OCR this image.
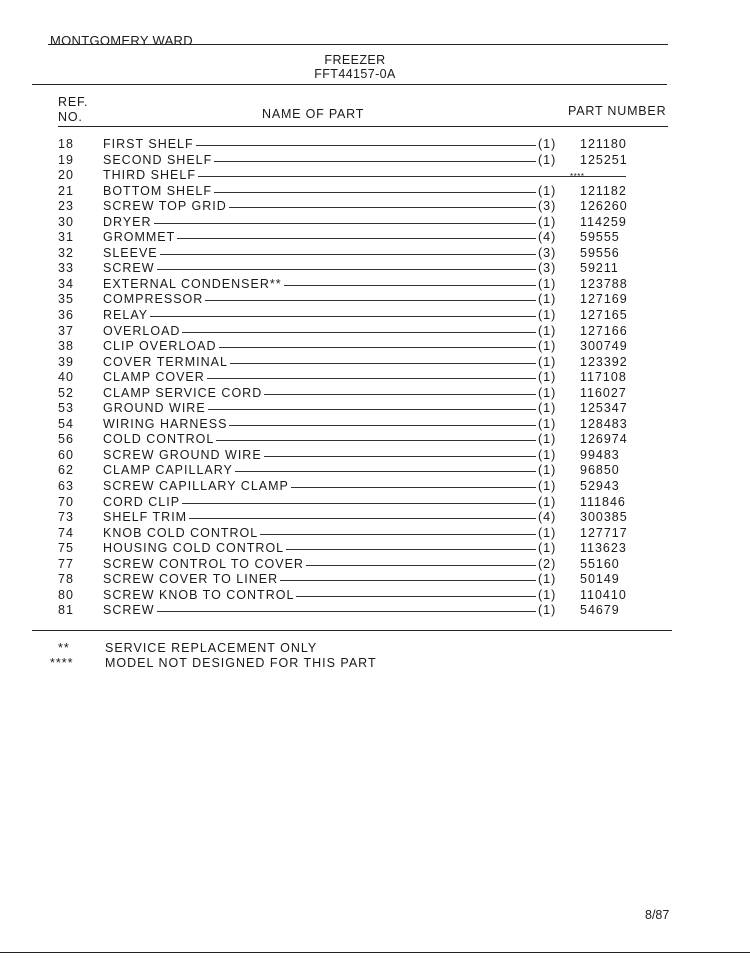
MONTGOMERY WARD
FREEZER
FFT44157-0A
REF.
NO.	NAME OF PART	PART NUMBER
18 FIRST SHELF	(1) 121180
19 SECOND SHELF	(1) 125251
20 THIRD SHELF	****
21 BOTTOM SHELF	(1) 121182
23 SCREW TOP GRID	(3) 126260
30 DRYER	(1) 114259
31 GROMMET	(4) 59555
32 SLEEVE	(3) 59556
33 SCREW	(3) 59211
34 EXTERNAL CONDENSER**	(1) 123788
35 COMPRESSOR	(1) 127169
36 RELAY	(1) 127165
37 OVERLOAD	(1) 127166
38 CLIP OVERLOAD	(1) 300749
39 COVER TERMINAL	(1) 123392
40 CLAMP COVER	(1) 117108
52 CLAMP SERVICE CORD	(1) 116027
53 GROUND WIRE	(1) 125347
54 WIRING HARNESS	(1) 128483
56 COLD CONTROL	(1) 126974
60 SCREW GROUND WIRE	(1) 99483
62 CLAMP CAPILLARY	(1) 96850
63 SCREW CAPILLARY CLAMP	(1) 52943
70 CORD CLIP	(1) 111846
73 SHELF TRIM	(4) 300385
74 KNOB COLD CONTROL	(1) 127717
75 HOUSING COLD CONTROL	(1) 113623
77 SCREW CONTROL TO COVER	(2) 55160
78 SCREW COVER TO LINER	(1) 50149
80 SCREW KNOB TO CONTROL	(1) 110410
81 SCREW	(1) 54679
**	SERVICE REPLACEMENT ONLY
****	MODEL NOT DESIGNED FOR THIS PART
8/87
